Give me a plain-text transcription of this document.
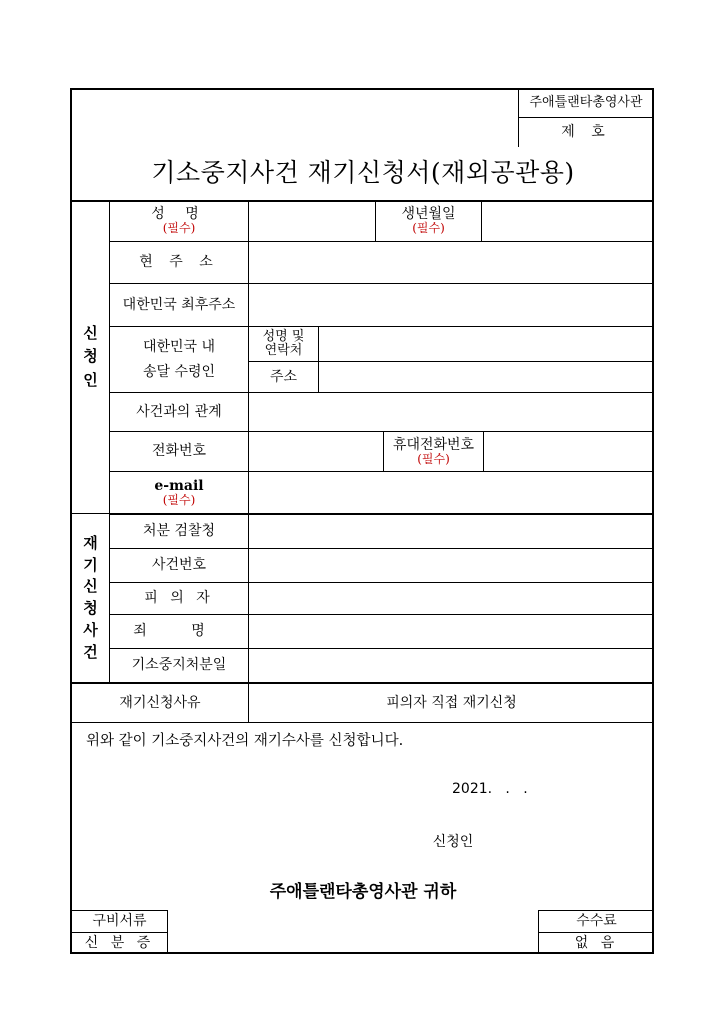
주애틀랜타총영사관
제 호
기소중지사건 재기신청서(재외공관용)
신
청
인
성 명
(필수)
생년월일
(필수)
현 주 소
대한민국 최후주소
대한민국 내
송달 수령인
성명 및
연락처
주소
사건과의 관계
전화번호	휴대전화번호
(필수)
e-mail
(필수)
재
기
신
청
사
건
처분 검찰청
사건번호
피 의 자
죄 명
기소중지처분일
재기신청사유	피의자 직접 재기신청
위와 같이 기소중지사건의 재기수사를 신청합니다.
2021.   .   .
신청인
주애틀랜타총영사관 귀하
구비서류
신 분 증
수수료
없 음
